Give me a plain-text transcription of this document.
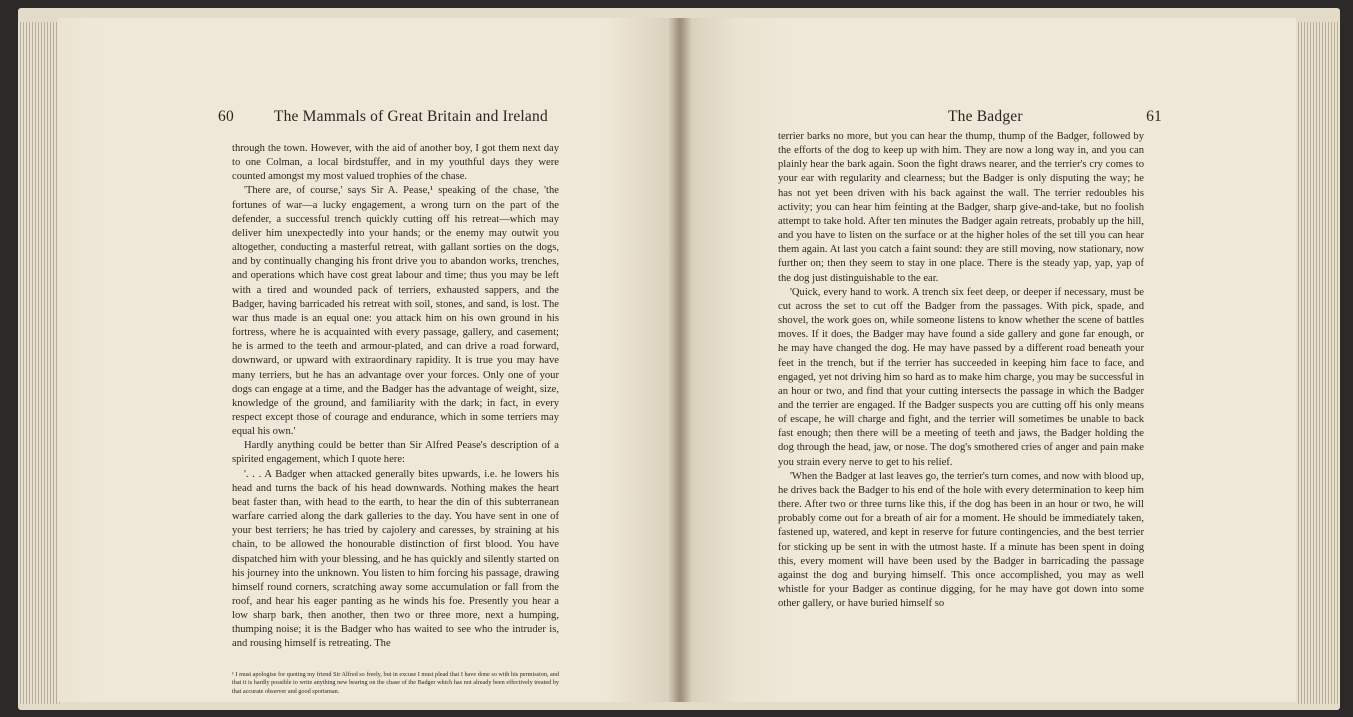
60	The Mammals of Great Britain and Ireland

through the town. However, with the aid of another boy, I got them next day to one Colman, a local birdstuffer, and in my youthful days they were counted amongst my most valued trophies of the chase.

'There are, of course,' says Sir A. Pease,¹ speaking of the chase, 'the fortunes of war—a lucky engagement, a wrong turn on the part of the defender, a successful trench quickly cutting off his retreat—which may deliver him unexpectedly into your hands; or the enemy may outwit you altogether, conducting a masterful retreat, with gallant sorties on the dogs, and by continually changing his front drive you to abandon works, trenches, and operations which have cost great labour and time; thus you may be left with a tired and wounded pack of terriers, exhausted sappers, and the Badger, having barricaded his retreat with soil, stones, and sand, is lost. The war thus made is an equal one: you attack him on his own ground in his fortress, where he is acquainted with every passage, gallery, and casement; he is armed to the teeth and armour-plated, and can drive a road forward, downward, or upward with extraordinary rapidity. It is true you may have many terriers, but he has an advantage over your forces. Only one of your dogs can engage at a time, and the Badger has the advantage of weight, size, knowledge of the ground, and familiarity with the dark; in fact, in every respect except those of courage and endurance, which in some terriers may equal his own.'

Hardly anything could be better than Sir Alfred Pease's description of a spirited engagement, which I quote here:

'. . . A Badger when attacked generally bites upwards, i.e. he lowers his head and turns the back of his head downwards. Nothing makes the heart beat faster than, with head to the earth, to hear the din of this subterranean warfare carried along the dark galleries to the day. You have sent in one of your best terriers; he has tried by cajolery and caresses, by straining at his chain, to be allowed the honourable distinction of first blood. You have dispatched him with your blessing, and he has quickly and silently started on his journey into the unknown. You listen to him forcing his passage, drawing himself round corners, scratching away some accumulation or fall from the roof, and hear his eager panting as he winds his foe. Presently you hear a low sharp bark, then another, then two or three more, next a humping, thumping noise; it is the Badger who has waited to see who the intruder is, and rousing himself is retreating. The

¹ I must apologise for quoting my friend Sir Alfred so freely, but in excuse I must plead that I have done so with his permission, and that it is hardly possible to write anything new bearing on the chase of the Badger which has not already been effectively treated by that accurate observer and good sportsman.
The Badger	61

terrier barks no more, but you can hear the thump, thump of the Badger, followed by the efforts of the dog to keep up with him. They are now a long way in, and you can plainly hear the bark again. Soon the fight draws nearer, and the terrier's cry comes to your ear with regularity and clearness; but the Badger is only disputing the way; he has not yet been driven with his back against the wall. The terrier redoubles his activity; you can hear him feinting at the Badger, sharp give-and-take, but no foolish attempt to take hold. After ten minutes the Badger again retreats, probably up the hill, and you have to listen on the surface or at the higher holes of the set till you can hear them again. At last you catch a faint sound: they are still moving, now stationary, now further on; then they seem to stay in one place. There is the steady yap, yap, yap of the dog just distinguishable to the ear.

'Quick, every hand to work. A trench six feet deep, or deeper if necessary, must be cut across the set to cut off the Badger from the passages. With pick, spade, and shovel, the work goes on, while someone listens to know whether the scene of battles moves. If it does, the Badger may have found a side gallery and gone far enough, or he may have changed the dog. He may have passed by a different road beneath your feet in the trench, but if the terrier has succeeded in keeping him face to face, and engaged, yet not driving him so hard as to make him charge, you may be successful in an hour or two, and find that your cutting intersects the passage in which the Badger and the terrier are engaged. If the Badger suspects you are cutting off his only means of escape, he will charge and fight, and the terrier will sometimes be unable to back fast enough; then there will be a meeting of teeth and jaws, the Badger holding the dog through the head, jaw, or nose. The dog's smothered cries of anger and pain make you strain every nerve to get to his relief.

'When the Badger at last leaves go, the terrier's turn comes, and now with blood up, he drives back the Badger to his end of the hole with every determination to keep him there. After two or three turns like this, if the dog has been in an hour or two, he will probably come out for a breath of air for a moment. He should be immediately taken, fastened up, watered, and kept in reserve for future contingencies, and the best terrier for sticking up be sent in with the utmost haste. If a minute has been spent in doing this, every moment will have been used by the Badger in barricading the passage against the dog and burying himself. This once accomplished, you may as well whistle for your Badger as continue digging, for he may have got down into some other gallery, or have buried himself so
